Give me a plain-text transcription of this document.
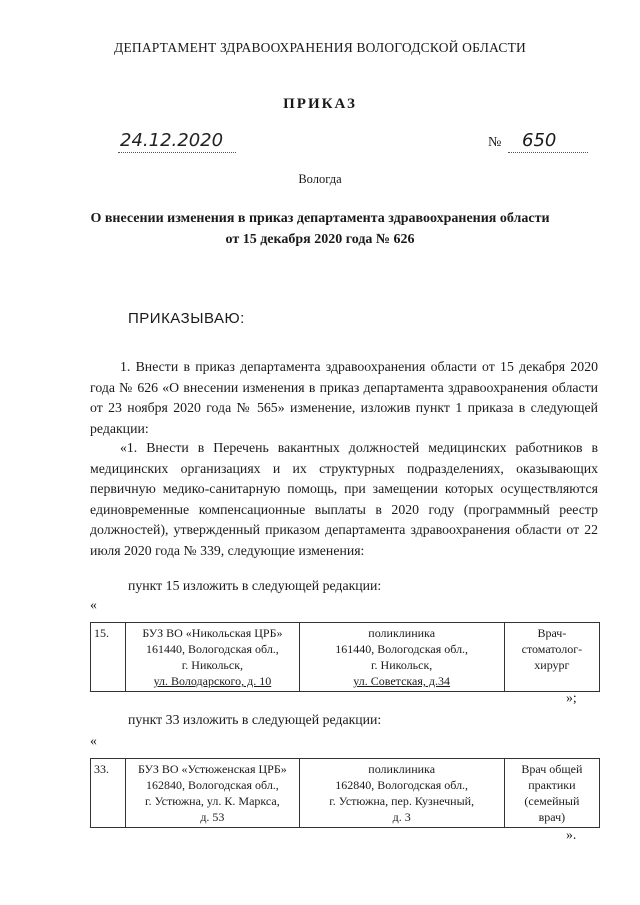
ДЕПАРТАМЕНТ ЗДРАВООХРАНЕНИЯ ВОЛОГОДСКОЙ ОБЛАСТИ
ПРИКАЗ
24.12.2020	№ 650
Вологда
О внесении изменения в приказ департамента здравоохранения области
от 15 декабря 2020 года № 626
ПРИКАЗЫВАЮ:
1. Внести в приказ департамента здравоохранения области от 15 декабря 2020 года № 626 «О внесении изменения в приказ департамента здравоохранения области от 23 ноября 2020 года № 565» изменение, изложив пункт 1 приказа в следующей редакции:
«1. Внести в Перечень вакантных должностей медицинских работников в медицинских организациях и их структурных подразделениях, оказывающих первичную медико-санитарную помощь, при замещении которых осуществляются единовременные компенсационные выплаты в 2020 году (программный реестр должностей), утвержденный приказом департамента здравоохранения области от 22 июля 2020 года № 339, следующие изменения:
пункт 15 изложить в следующей редакции:
«
15.	БУЗ ВО «Никольская ЦРБ»
161440, Вологодская обл.,
г. Никольск,
ул. Володарского, д. 10

поликлиника
161440, Вологодская обл.,
г. Никольск,
ул. Советская, д.34

Врач-
стоматолог-
хирург
»;
пункт 33 изложить в следующей редакции:
«
33.	БУЗ ВО «Устюженская ЦРБ»
162840, Вологодская обл.,
г. Устюжна, ул. К. Маркса,
д. 53

поликлиника
162840, Вологодская обл.,
г. Устюжна, пер. Кузнечный,
д. 3

Врач общей
практики
(семейный
врач)
».
